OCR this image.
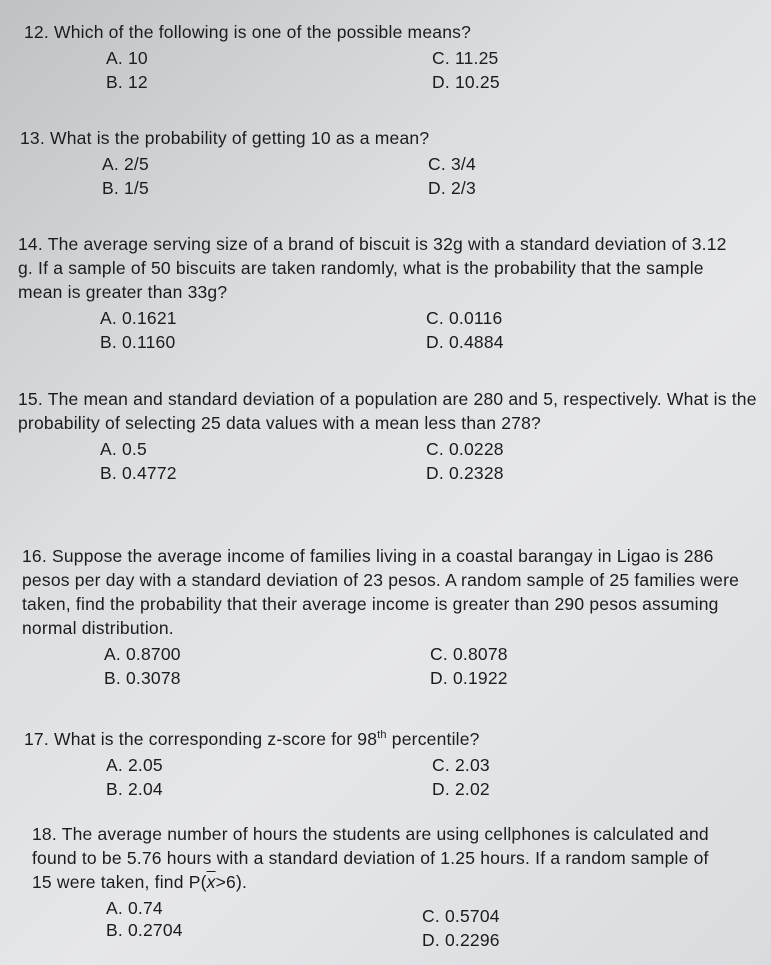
12. Which of the following is one of the possible means?

A. 10
B. 12
C. 11.25
D. 10.25

13. What is the probability of getting 10 as a mean?

A. 2/5
B. 1/5
C. 3/4
D. 2/3

14. The average serving size of a brand of biscuit is 32g with a standard deviation of 3.12 g. If a sample of 50 biscuits are taken randomly, what is the probability that the sample mean is greater than 33g?

A. 0.1621
B. 0.1160
C. 0.0116
D. 0.4884

15. The mean and standard deviation of a population are 280 and 5, respectively. What is the probability of selecting 25 data values with a mean less than 278?

A. 0.5
B. 0.4772
C. 0.0228
D. 0.2328

16. Suppose the average income of families living in a coastal barangay in Ligao is 286 pesos per day with a standard deviation of 23 pesos. A random sample of 25 families were taken, find the probability that their average income is greater than 290 pesos assuming normal distribution.

A. 0.8700
B. 0.3078
C. 0.8078
D. 0.1922

17. What is the corresponding z-score for 98th percentile?

A. 2.05
B. 2.04
C. 2.03
D. 2.02

18. The average number of hours the students are using cellphones is calculated and found to be 5.76 hours with a standard deviation of 1.25 hours. If a random sample of 15 were taken, find $P(\overline{x}>6)$.

A. 0.74
B. 0.2704
C. 0.5704
D. 0.2296
